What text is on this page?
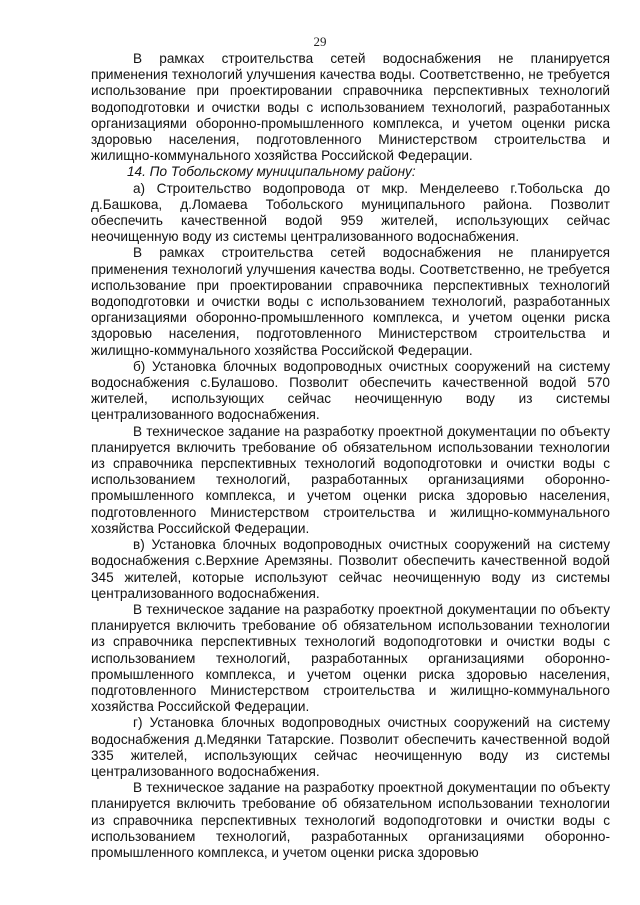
29

В рамках строительства сетей водоснабжения не планируется применения технологий улучшения качества воды. Соответственно, не требуется использование при проектировании справочника перспективных технологий водоподготовки и очистки воды с использованием технологий, разработанных организациями оборонно-промышленного комплекса, и учетом оценки риска здоровью населения, подготовленного Министерством строительства и жилищно-коммунального хозяйства Российской Федерации.

14. По Тобольскому муниципальному району:

а) Строительство водопровода от мкр. Менделеево г.Тобольска до д.Башкова, д.Ломаева Тобольского муниципального района. Позволит обеспечить качественной водой 959 жителей, использующих сейчас неочищенную воду из системы централизованного водоснабжения.

В рамках строительства сетей водоснабжения не планируется применения технологий улучшения качества воды. Соответственно, не требуется использование при проектировании справочника перспективных технологий водоподготовки и очистки воды с использованием технологий, разработанных организациями оборонно-промышленного комплекса, и учетом оценки риска здоровью населения, подготовленного Министерством строительства и жилищно-коммунального хозяйства Российской Федерации.

б) Установка блочных водопроводных очистных сооружений на систему водоснабжения с.Булашово. Позволит обеспечить качественной водой 570 жителей, использующих сейчас неочищенную воду из системы централизованного водоснабжения.

В техническое задание на разработку проектной документации по объекту планируется включить требование об обязательном использовании технологии из справочника перспективных технологий водоподготовки и очистки воды с использованием технологий, разработанных организациями оборонно-промышленного комплекса, и учетом оценки риска здоровью населения, подготовленного Министерством строительства и жилищно-коммунального хозяйства Российской Федерации.

в) Установка блочных водопроводных очистных сооружений на систему водоснабжения с.Верхние Аремзяны. Позволит обеспечить качественной водой 345 жителей, которые используют сейчас неочищенную воду из системы централизованного водоснабжения.

В техническое задание на разработку проектной документации по объекту планируется включить требование об обязательном использовании технологии из справочника перспективных технологий водоподготовки и очистки воды с использованием технологий, разработанных организациями оборонно-промышленного комплекса, и учетом оценки риска здоровью населения, подготовленного Министерством строительства и жилищно-коммунального хозяйства Российской Федерации.

г) Установка блочных водопроводных очистных сооружений на систему водоснабжения д.Медянки Татарские. Позволит обеспечить качественной водой 335 жителей, использующих сейчас неочищенную воду из системы централизованного водоснабжения.

В техническое задание на разработку проектной документации по объекту планируется включить требование об обязательном использовании технологии из справочника перспективных технологий водоподготовки и очистки воды с использованием технологий, разработанных организациями оборонно-промышленного комплекса, и учетом оценки риска здоровью
